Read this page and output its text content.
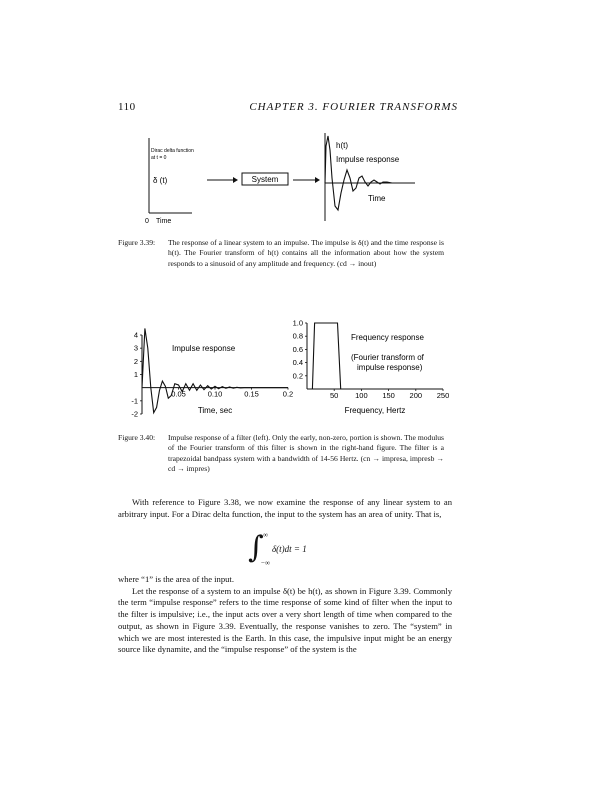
110	CHAPTER 3. FOURIER TRANSFORMS
Dirac delta function
at t = 0
δ (t)
0 Time
System
h(t)
Impulse response
Time
Figure 3.39: The response of a linear system to an impulse. The impulse is δ(t) and the time response is h(t). The Fourier transform of h(t) contains all the information about how the system responds to a sinusoid of any amplitude and frequency. (cd → inout)
4
3
2
1
-1
-2
0.05	0.10	0.15	0.2
Impulse response
Time, sec
1.0
0.8
0.6
0.4
0.2
50 100 150 200 250
Frequency response
(Fourier transform of
impulse response)
Frequency, Hertz
Figure 3.40: Impulse response of a filter (left). Only the early, non-zero, portion is shown. The modulus of the Fourier transform of this filter is shown in the right-hand figure. The filter is a trapezoidal bandpass system with a bandwidth of 14-56 Hertz. (cn → impresa, impresb → cd → impres)

With reference to Figure 3.38, we now examine the response of any linear system to an arbitrary input. For a Dirac delta function, the input to the system has an area of unity. That is,

∫ ∞
−∞
δ(t)dt = 1

where “1” is the area of the input.

Let the response of a system to an impulse δ(t) be h(t), as shown in Figure 3.39. Commonly the term “impulse response” refers to the time response of some kind of filter when the input to the filter is impulsive; i.e., the input acts over a very short length of time when compared to the output, as shown in Figure 3.39. Eventually, the response vanishes to zero. The “system” in which we are most interested is the Earth. In this case, the impulsive input might be an energy source like dynamite, and the “impulse response” of the system is the
